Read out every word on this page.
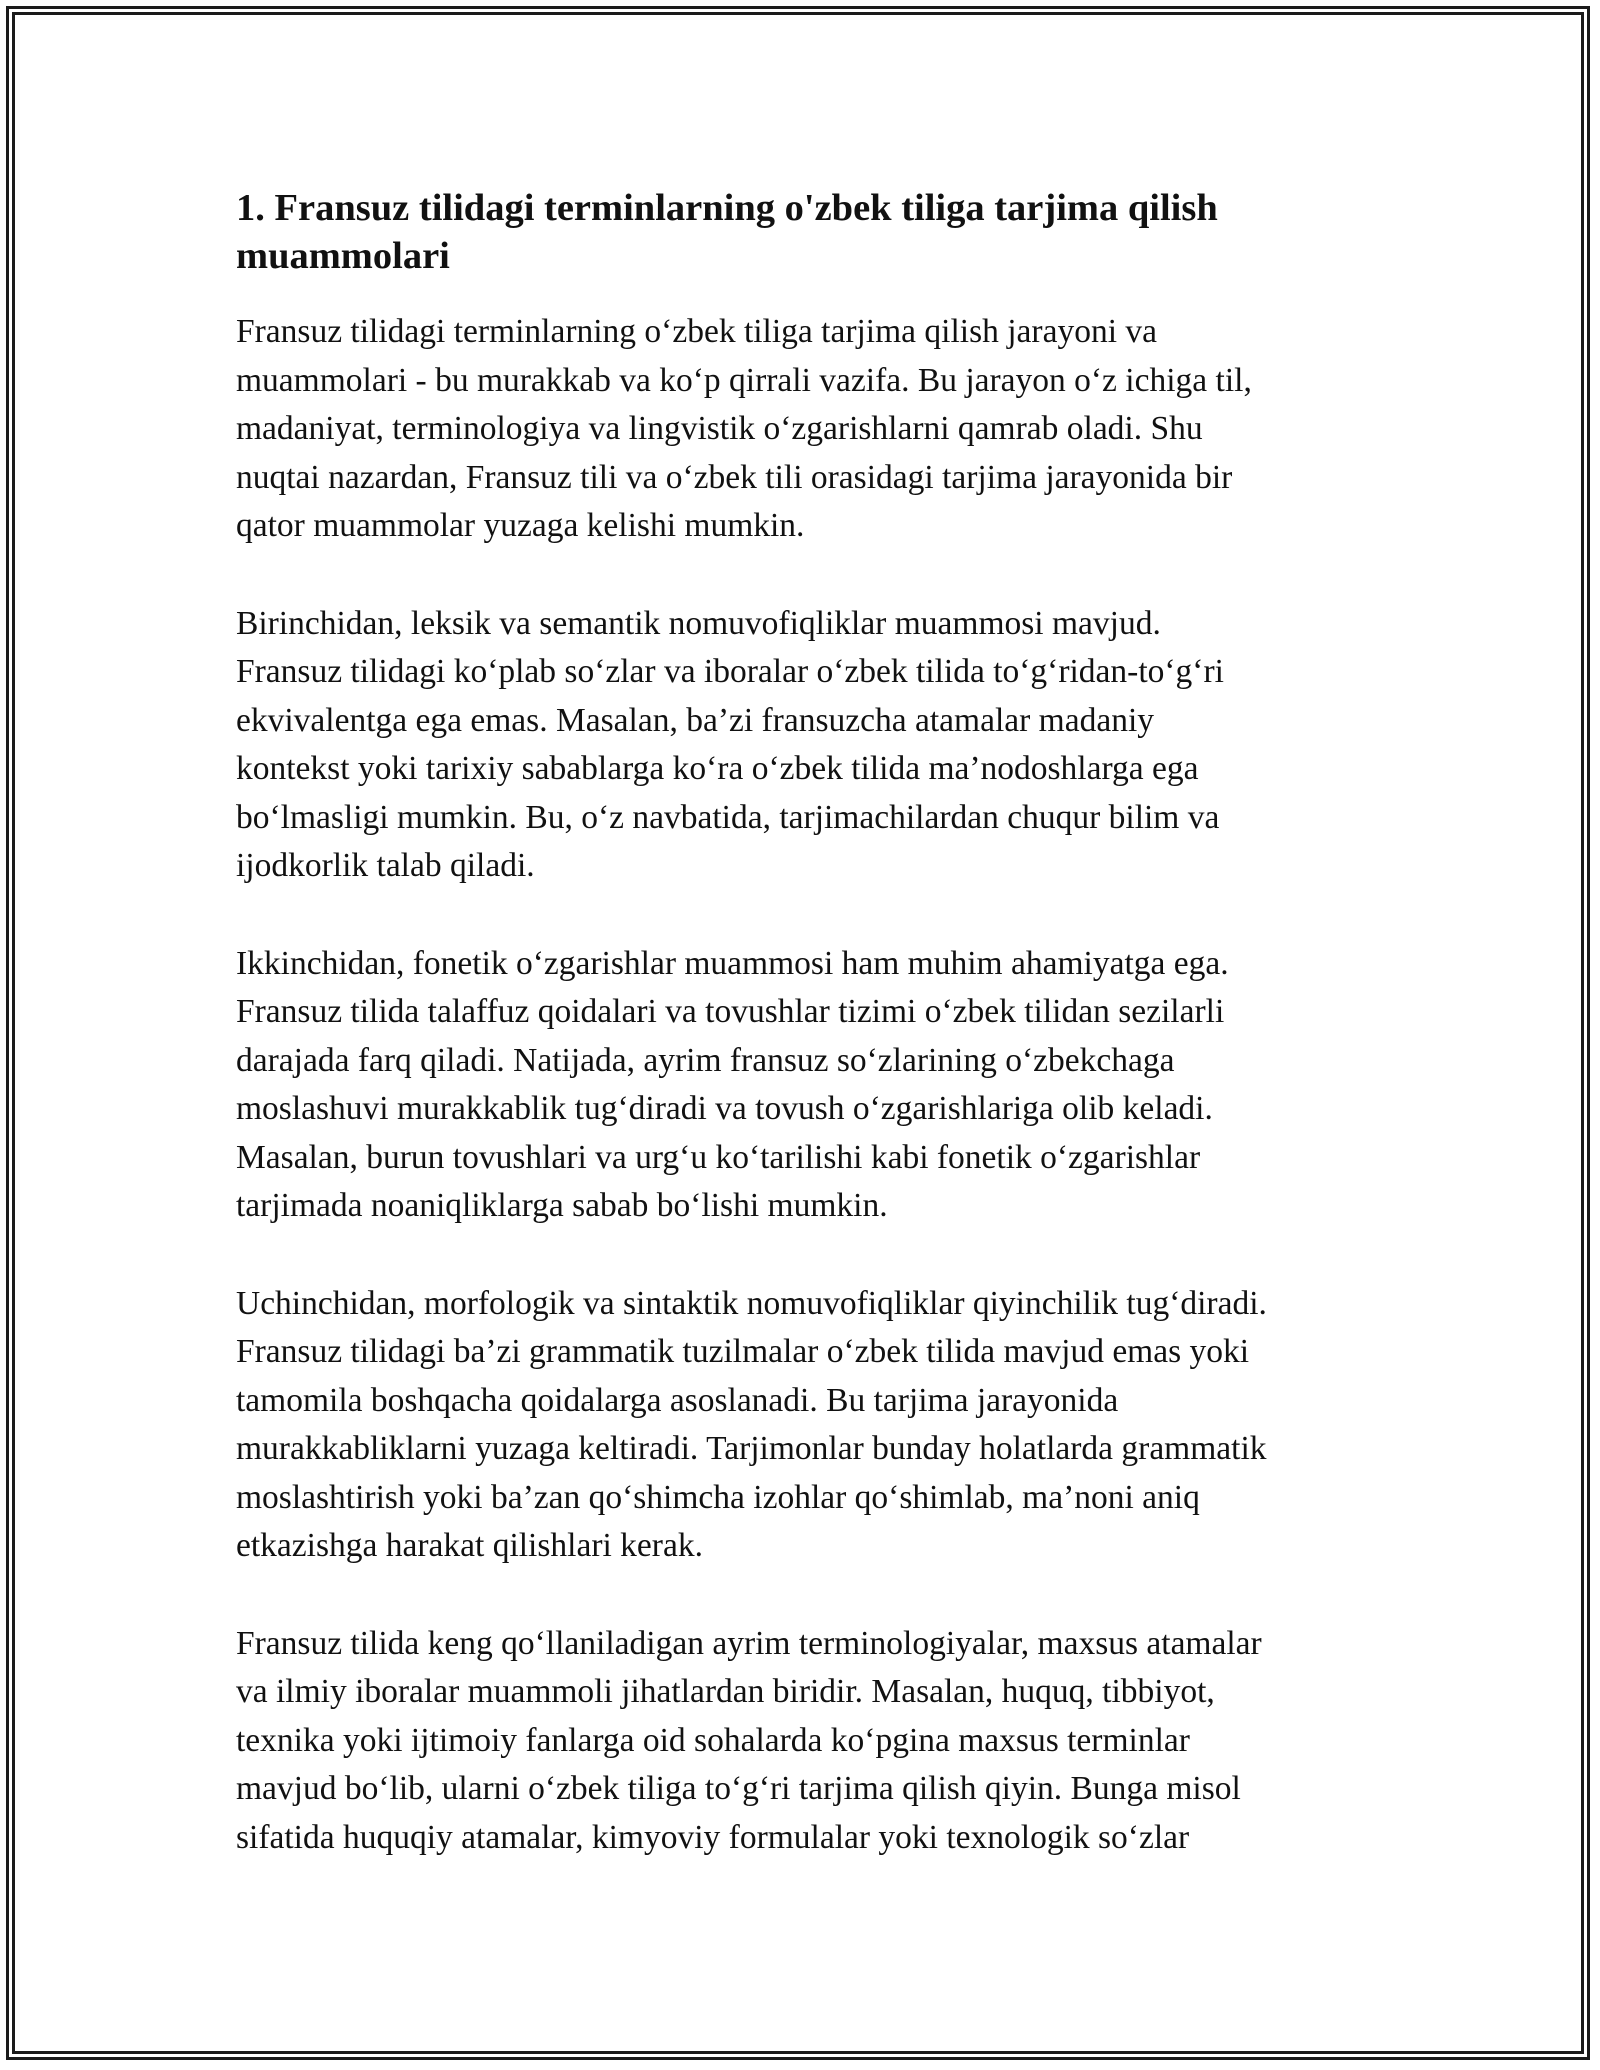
1. Fransuz tilidagi terminlarning o'zbek tiliga tarjima qilish
muammolari

Fransuz tilidagi terminlarning o‘zbek tiliga tarjima qilish jarayoni va
muammolari - bu murakkab va ko‘p qirrali vazifa. Bu jarayon o‘z ichiga til,
madaniyat, terminologiya va lingvistik o‘zgarishlarni qamrab oladi. Shu
nuqtai nazardan, Fransuz tili va o‘zbek tili orasidagi tarjima jarayonida bir
qator muammolar yuzaga kelishi mumkin.

Birinchidan, leksik va semantik nomuvofiqliklar muammosi mavjud.
Fransuz tilidagi ko‘plab so‘zlar va iboralar o‘zbek tilida to‘g‘ridan-to‘g‘ri
ekvivalentga ega emas. Masalan, ba’zi fransuzcha atamalar madaniy
kontekst yoki tarixiy sabablarga ko‘ra o‘zbek tilida ma’nodoshlarga ega
bo‘lmasligi mumkin. Bu, o‘z navbatida, tarjimachilardan chuqur bilim va
ijodkorlik talab qiladi.

Ikkinchidan, fonetik o‘zgarishlar muammosi ham muhim ahamiyatga ega.
Fransuz tilida talaffuz qoidalari va tovushlar tizimi o‘zbek tilidan sezilarli
darajada farq qiladi. Natijada, ayrim fransuz so‘zlarining o‘zbekchaga
moslashuvi murakkablik tug‘diradi va tovush o‘zgarishlariga olib keladi.
Masalan, burun tovushlari va urg‘u ko‘tarilishi kabi fonetik o‘zgarishlar
tarjimada noaniqliklarga sabab bo‘lishi mumkin.

Uchinchidan, morfologik va sintaktik nomuvofiqliklar qiyinchilik tug‘diradi.
Fransuz tilidagi ba’zi grammatik tuzilmalar o‘zbek tilida mavjud emas yoki
tamomila boshqacha qoidalarga asoslanadi. Bu tarjima jarayonida
murakkabliklarni yuzaga keltiradi. Tarjimonlar bunday holatlarda grammatik
moslashtirish yoki ba’zan qo‘shimcha izohlar qo‘shimlab, ma’noni aniq
etkazishga harakat qilishlari kerak.

Fransuz tilida keng qo‘llaniladigan ayrim terminologiyalar, maxsus atamalar
va ilmiy iboralar muammoli jihatlardan biridir. Masalan, huquq, tibbiyot,
texnika yoki ijtimoiy fanlarga oid sohalarda ko‘pgina maxsus terminlar
mavjud bo‘lib, ularni o‘zbek tiliga to‘g‘ri tarjima qilish qiyin. Bunga misol
sifatida huquqiy atamalar, kimyoviy formulalar yoki texnologik so‘zlar
